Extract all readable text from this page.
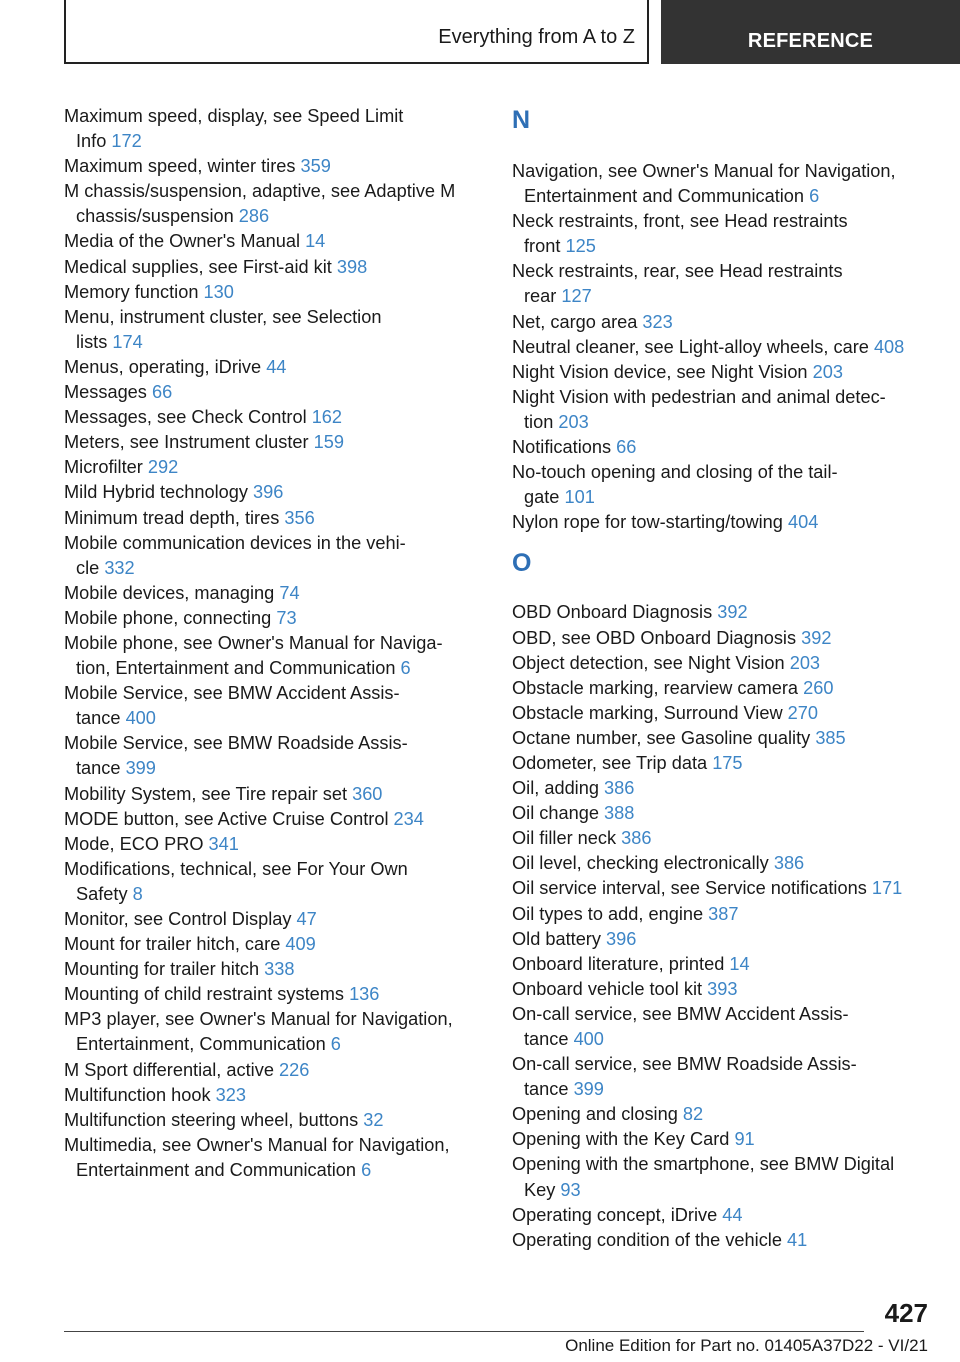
Everything from A to Z	REFERENCE
Maximum speed, display, see Speed Limit
Info 172
Maximum speed, winter tires 359
M chassis/suspension, adaptive, see Adaptive M
chassis/suspension 286
Media of the Owner's Manual 14
Medical supplies, see First-aid kit 398
Memory function 130
Menu, instrument cluster, see Selection
lists 174
Menus, operating, iDrive 44
Messages 66
Messages, see Check Control 162
Meters, see Instrument cluster 159
Microfilter 292
Mild Hybrid technology 396
Minimum tread depth, tires 356
Mobile communication devices in the vehi-
cle 332
Mobile devices, managing 74
Mobile phone, connecting 73
Mobile phone, see Owner's Manual for Naviga-
tion, Entertainment and Communication 6
Mobile Service, see BMW Accident Assis-
tance 400
Mobile Service, see BMW Roadside Assis-
tance 399
Mobility System, see Tire repair set 360
MODE button, see Active Cruise Control 234
Mode, ECO PRO 341
Modifications, technical, see For Your Own
Safety 8
Monitor, see Control Display 47
Mount for trailer hitch, care 409
Mounting for trailer hitch 338
Mounting of child restraint systems 136
MP3 player, see Owner's Manual for Navigation,
Entertainment, Communication 6
M Sport differential, active 226
Multifunction hook 323
Multifunction steering wheel, buttons 32
Multimedia, see Owner's Manual for Navigation,
Entertainment and Communication 6
N
Navigation, see Owner's Manual for Navigation,
Entertainment and Communication 6
Neck restraints, front, see Head restraints
front 125
Neck restraints, rear, see Head restraints
rear 127
Net, cargo area 323
Neutral cleaner, see Light-alloy wheels, care 408
Night Vision device, see Night Vision 203
Night Vision with pedestrian and animal detec-
tion 203
Notifications 66
No-touch opening and closing of the tail-
gate 101
Nylon rope for tow-starting/towing 404
O
OBD Onboard Diagnosis 392
OBD, see OBD Onboard Diagnosis 392
Object detection, see Night Vision 203
Obstacle marking, rearview camera 260
Obstacle marking, Surround View 270
Octane number, see Gasoline quality 385
Odometer, see Trip data 175
Oil, adding 386
Oil change 388
Oil filler neck 386
Oil level, checking electronically 386
Oil service interval, see Service notifications 171
Oil types to add, engine 387
Old battery 396
Onboard literature, printed 14
Onboard vehicle tool kit 393
On-call service, see BMW Accident Assis-
tance 400
On-call service, see BMW Roadside Assis-
tance 399
Opening and closing 82
Opening with the Key Card 91
Opening with the smartphone, see BMW Digital
Key 93
Operating concept, iDrive 44
Operating condition of the vehicle 41
427
Online Edition for Part no. 01405A37D22 - VI/21
